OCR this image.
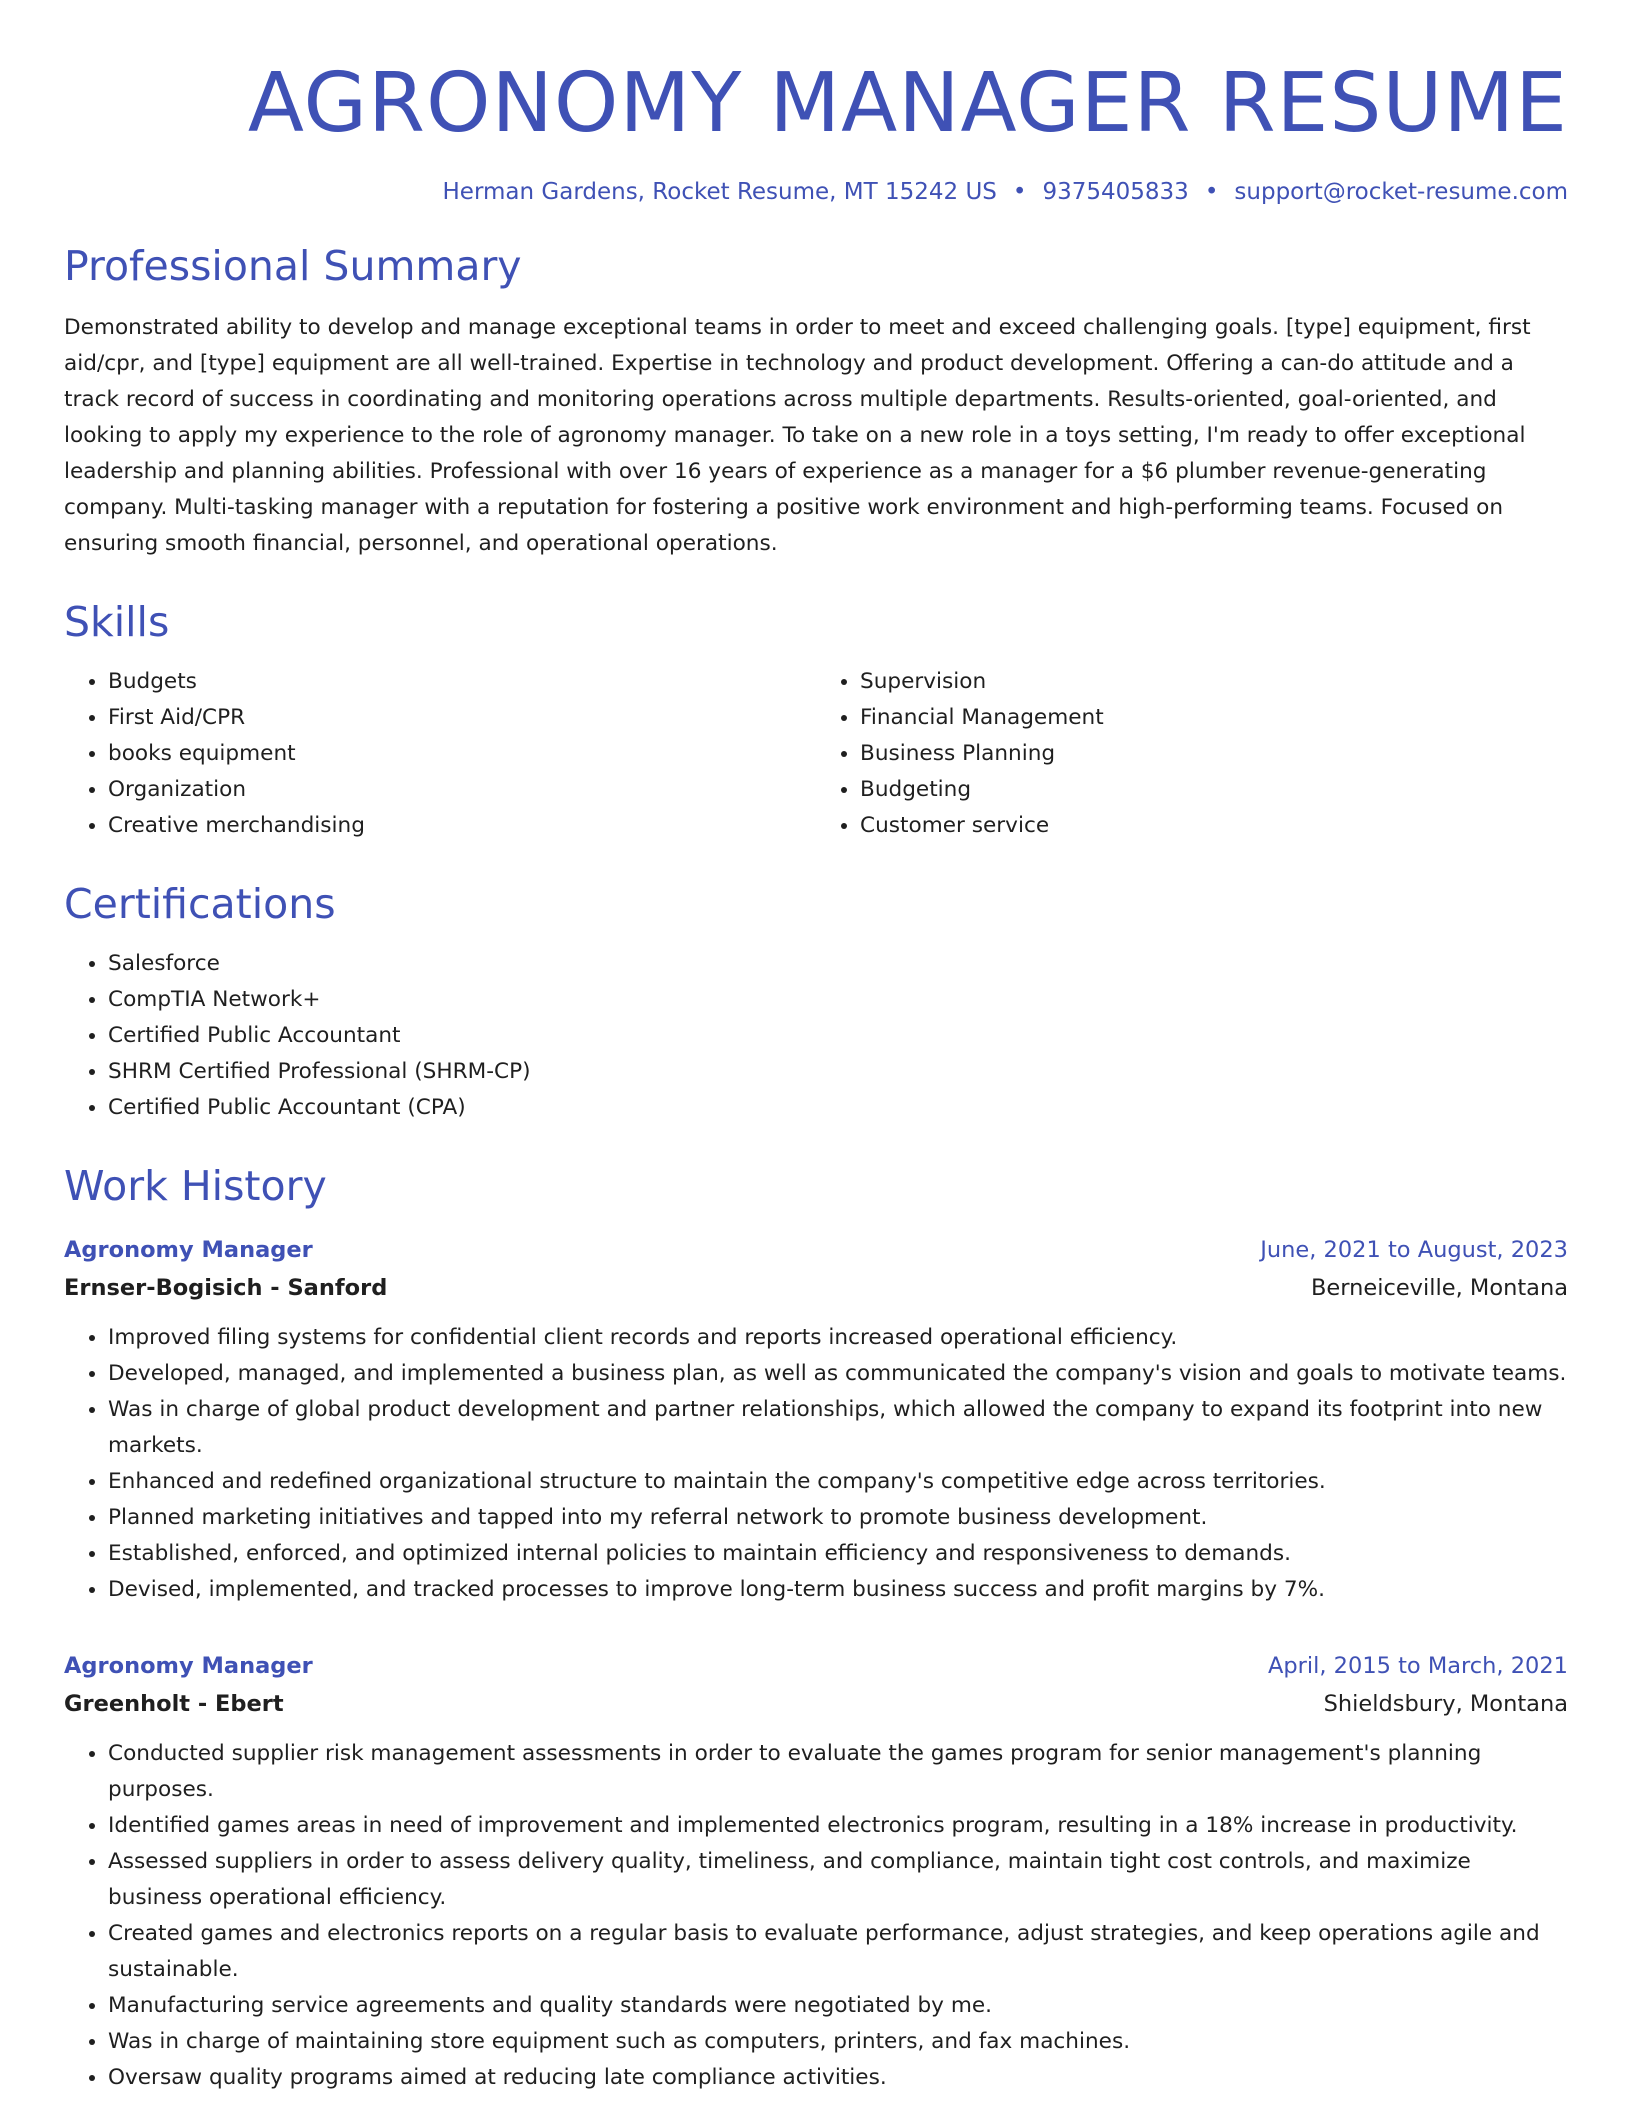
AGRONOMY MANAGER RESUME
Herman Gardens, Rocket Resume, MT 15242 US • 9375405833 • support@rocket-resume.com
Professional Summary
Demonstrated ability to develop and manage exceptional teams in order to meet and exceed challenging goals. [type] equipment, first aid/cpr, and [type] equipment are all well-trained. Expertise in technology and product development. Offering a can-do attitude and a track record of success in coordinating and monitoring operations across multiple departments. Results-oriented, goal-oriented, and looking to apply my experience to the role of agronomy manager. To take on a new role in a toys setting, I'm ready to offer exceptional leadership and planning abilities. Professional with over 16 years of experience as a manager for a $6 plumber revenue-generating company. Multi-tasking manager with a reputation for fostering a positive work environment and high-performing teams. Focused on ensuring smooth financial, personnel, and operational operations.
Skills
• Budgets
• First Aid/CPR
• books equipment
• Organization
• Creative merchandising
• Supervision
• Financial Management
• Business Planning
• Budgeting
• Customer service
Certifications
• Salesforce
• CompTIA Network+
• Certified Public Accountant
• SHRM Certified Professional (SHRM-CP)
• Certified Public Accountant (CPA)
Work History
Agronomy Manager	June, 2021 to August, 2023
Ernser-Bogisich - Sanford	Berneiceville, Montana
• Improved filing systems for confidential client records and reports increased operational efficiency.
• Developed, managed, and implemented a business plan, as well as communicated the company's vision and goals to motivate teams.
• Was in charge of global product development and partner relationships, which allowed the company to expand its footprint into new markets.
• Enhanced and redefined organizational structure to maintain the company's competitive edge across territories.
• Planned marketing initiatives and tapped into my referral network to promote business development.
• Established, enforced, and optimized internal policies to maintain efficiency and responsiveness to demands.
• Devised, implemented, and tracked processes to improve long-term business success and profit margins by 7%.
Agronomy Manager	April, 2015 to March, 2021
Greenholt - Ebert	Shieldsbury, Montana
• Conducted supplier risk management assessments in order to evaluate the games program for senior management's planning purposes.
• Identified games areas in need of improvement and implemented electronics program, resulting in a 18% increase in productivity.
• Assessed suppliers in order to assess delivery quality, timeliness, and compliance, maintain tight cost controls, and maximize business operational efficiency.
• Created games and electronics reports on a regular basis to evaluate performance, adjust strategies, and keep operations agile and sustainable.
• Manufacturing service agreements and quality standards were negotiated by me.
• Was in charge of maintaining store equipment such as computers, printers, and fax machines.
• Oversaw quality programs aimed at reducing late compliance activities.
